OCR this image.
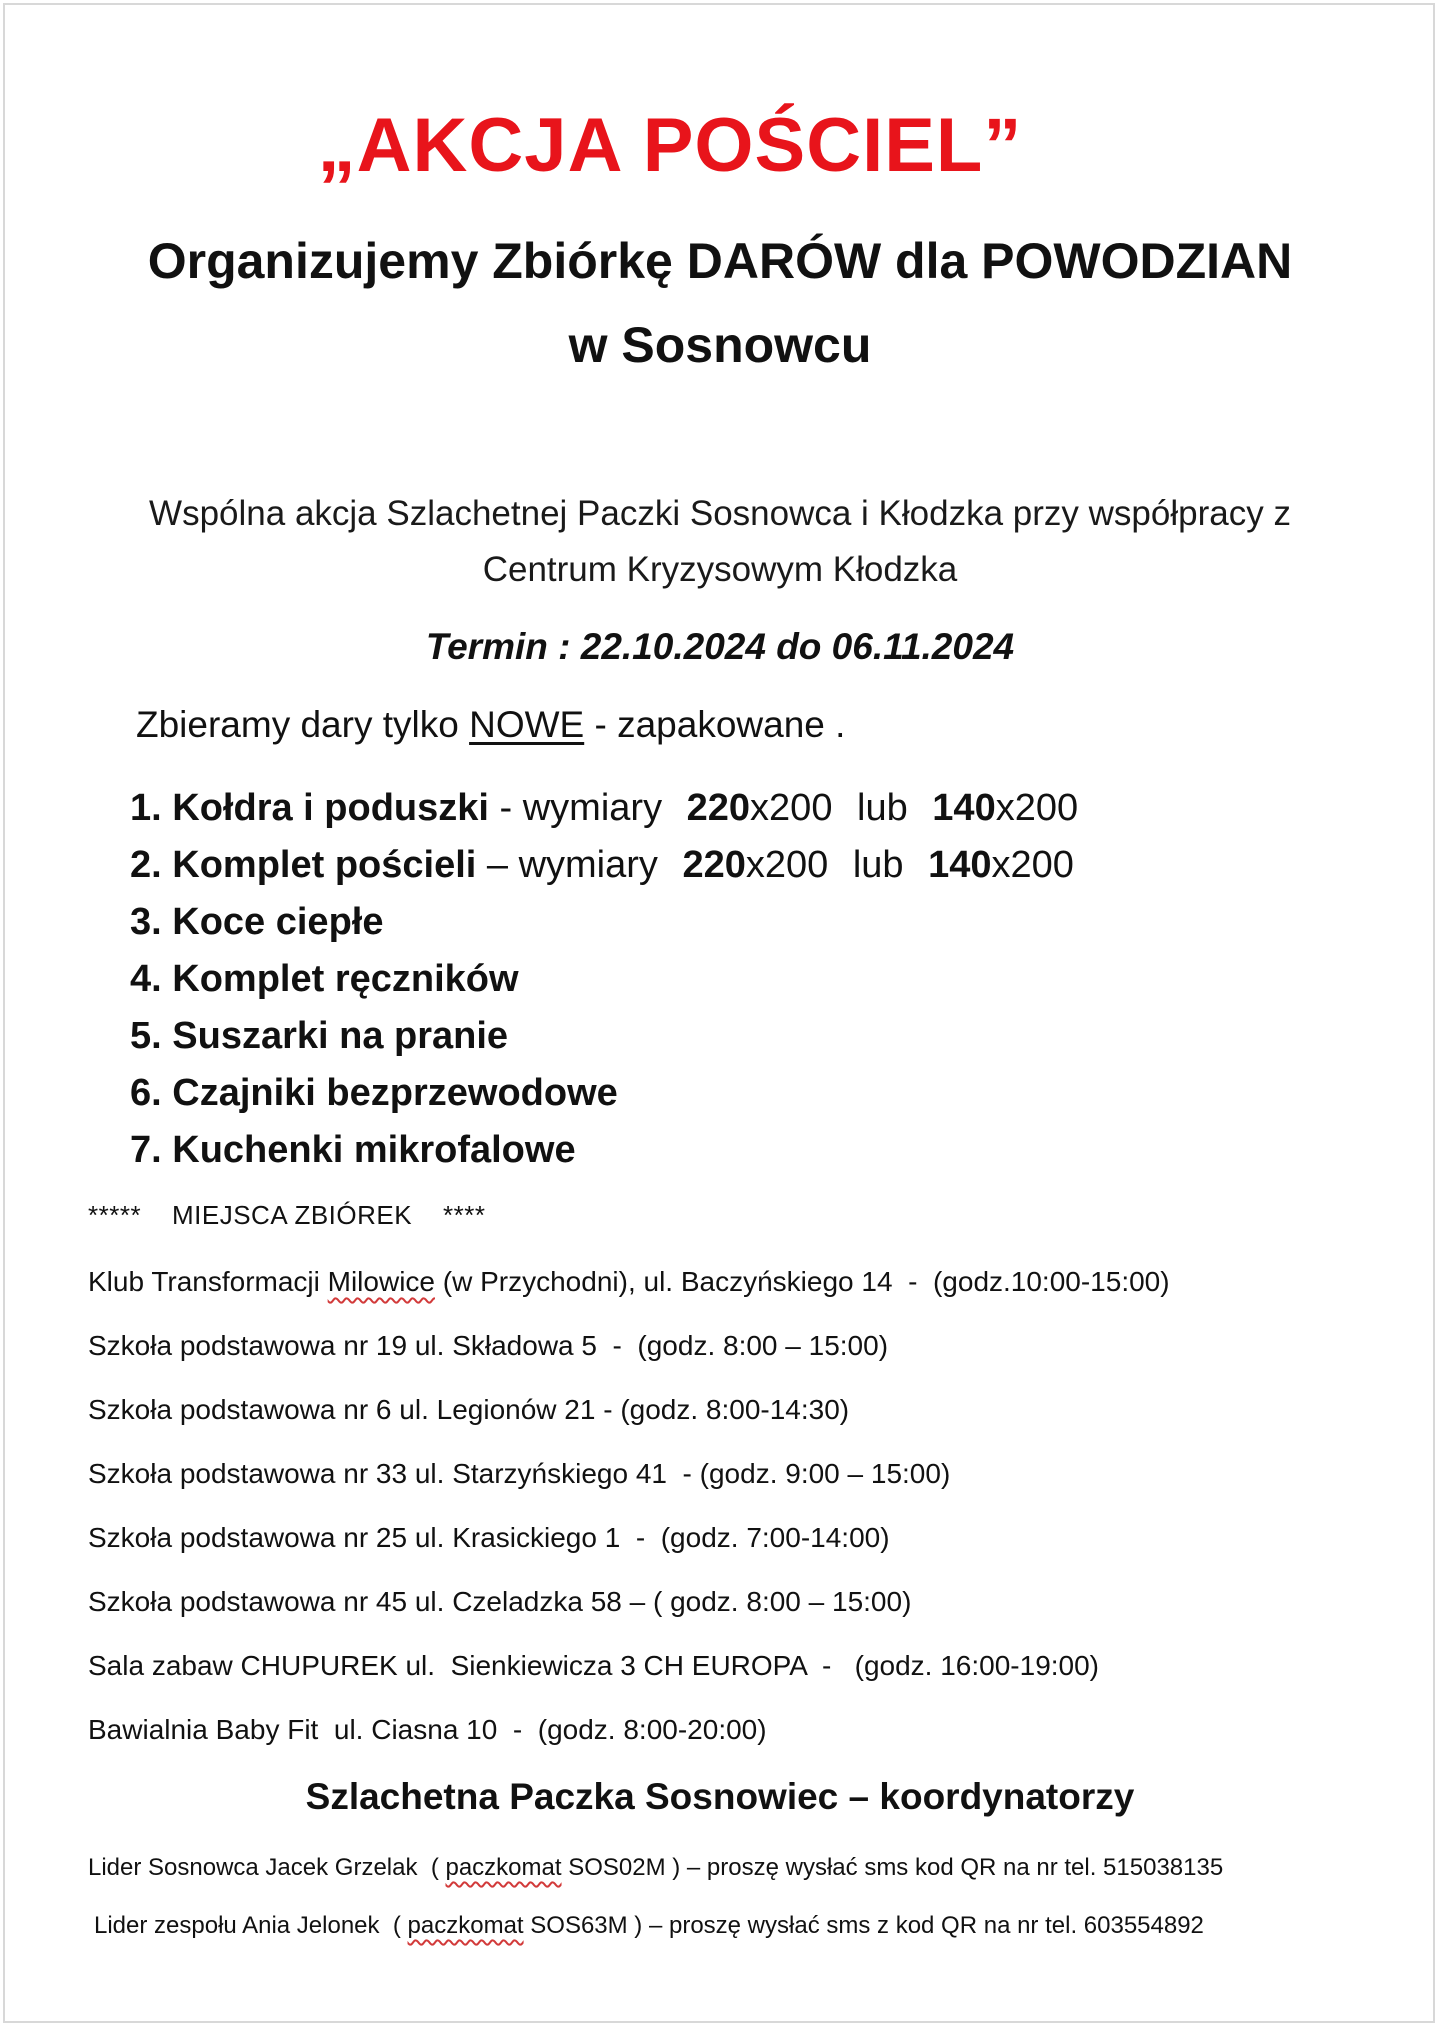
„AKCJA POŚCIEL”
Organizujemy Zbiórkę DARÓW dla POWODZIAN
w Sosnowcu
Wspólna akcja Szlachetnej Paczki Sosnowca i Kłodzka przy współpracy z
Centrum Kryzysowym Kłodzka
Termin : 22.10.2024 do 06.11.2024
Zbieramy dary tylko NOWE - zapakowane .
1. Kołdra i poduszki - wymiary 220x200 lub 140x200
2. Komplet pościeli – wymiary 220x200 lub 140x200
3. Koce ciepłe
4. Komplet ręczników
5. Suszarki na pranie
6. Czajniki bezprzewodowe
7. Kuchenki mikrofalowe
*****    MIEJSCA ZBIÓREK    ****
Klub Transformacji Milowice (w Przychodni), ul. Baczyńskiego 14  -  (godz.10:00-15:00)
Szkoła podstawowa nr 19 ul. Składowa 5  -  (godz. 8:00 – 15:00)
Szkoła podstawowa nr 6 ul. Legionów 21 - (godz. 8:00-14:30)
Szkoła podstawowa nr 33 ul. Starzyńskiego 41  - (godz. 9:00 – 15:00)
Szkoła podstawowa nr 25 ul. Krasickiego 1  -  (godz. 7:00-14:00)
Szkoła podstawowa nr 45 ul. Czeladzka 58 – ( godz. 8:00 – 15:00)
Sala zabaw CHUPUREK ul.  Sienkiewicza 3 CH EUROPA  -   (godz. 16:00-19:00)
Bawialnia Baby Fit  ul. Ciasna 10  -  (godz. 8:00-20:00)
Szlachetna Paczka Sosnowiec – koordynatorzy
Lider Sosnowca Jacek Grzelak  ( paczkomat SOS02M ) – proszę wysłać sms kod QR na nr tel. 515038135
Lider zespołu Ania Jelonek  ( paczkomat SOS63M ) – proszę wysłać sms z kod QR na nr tel. 603554892
